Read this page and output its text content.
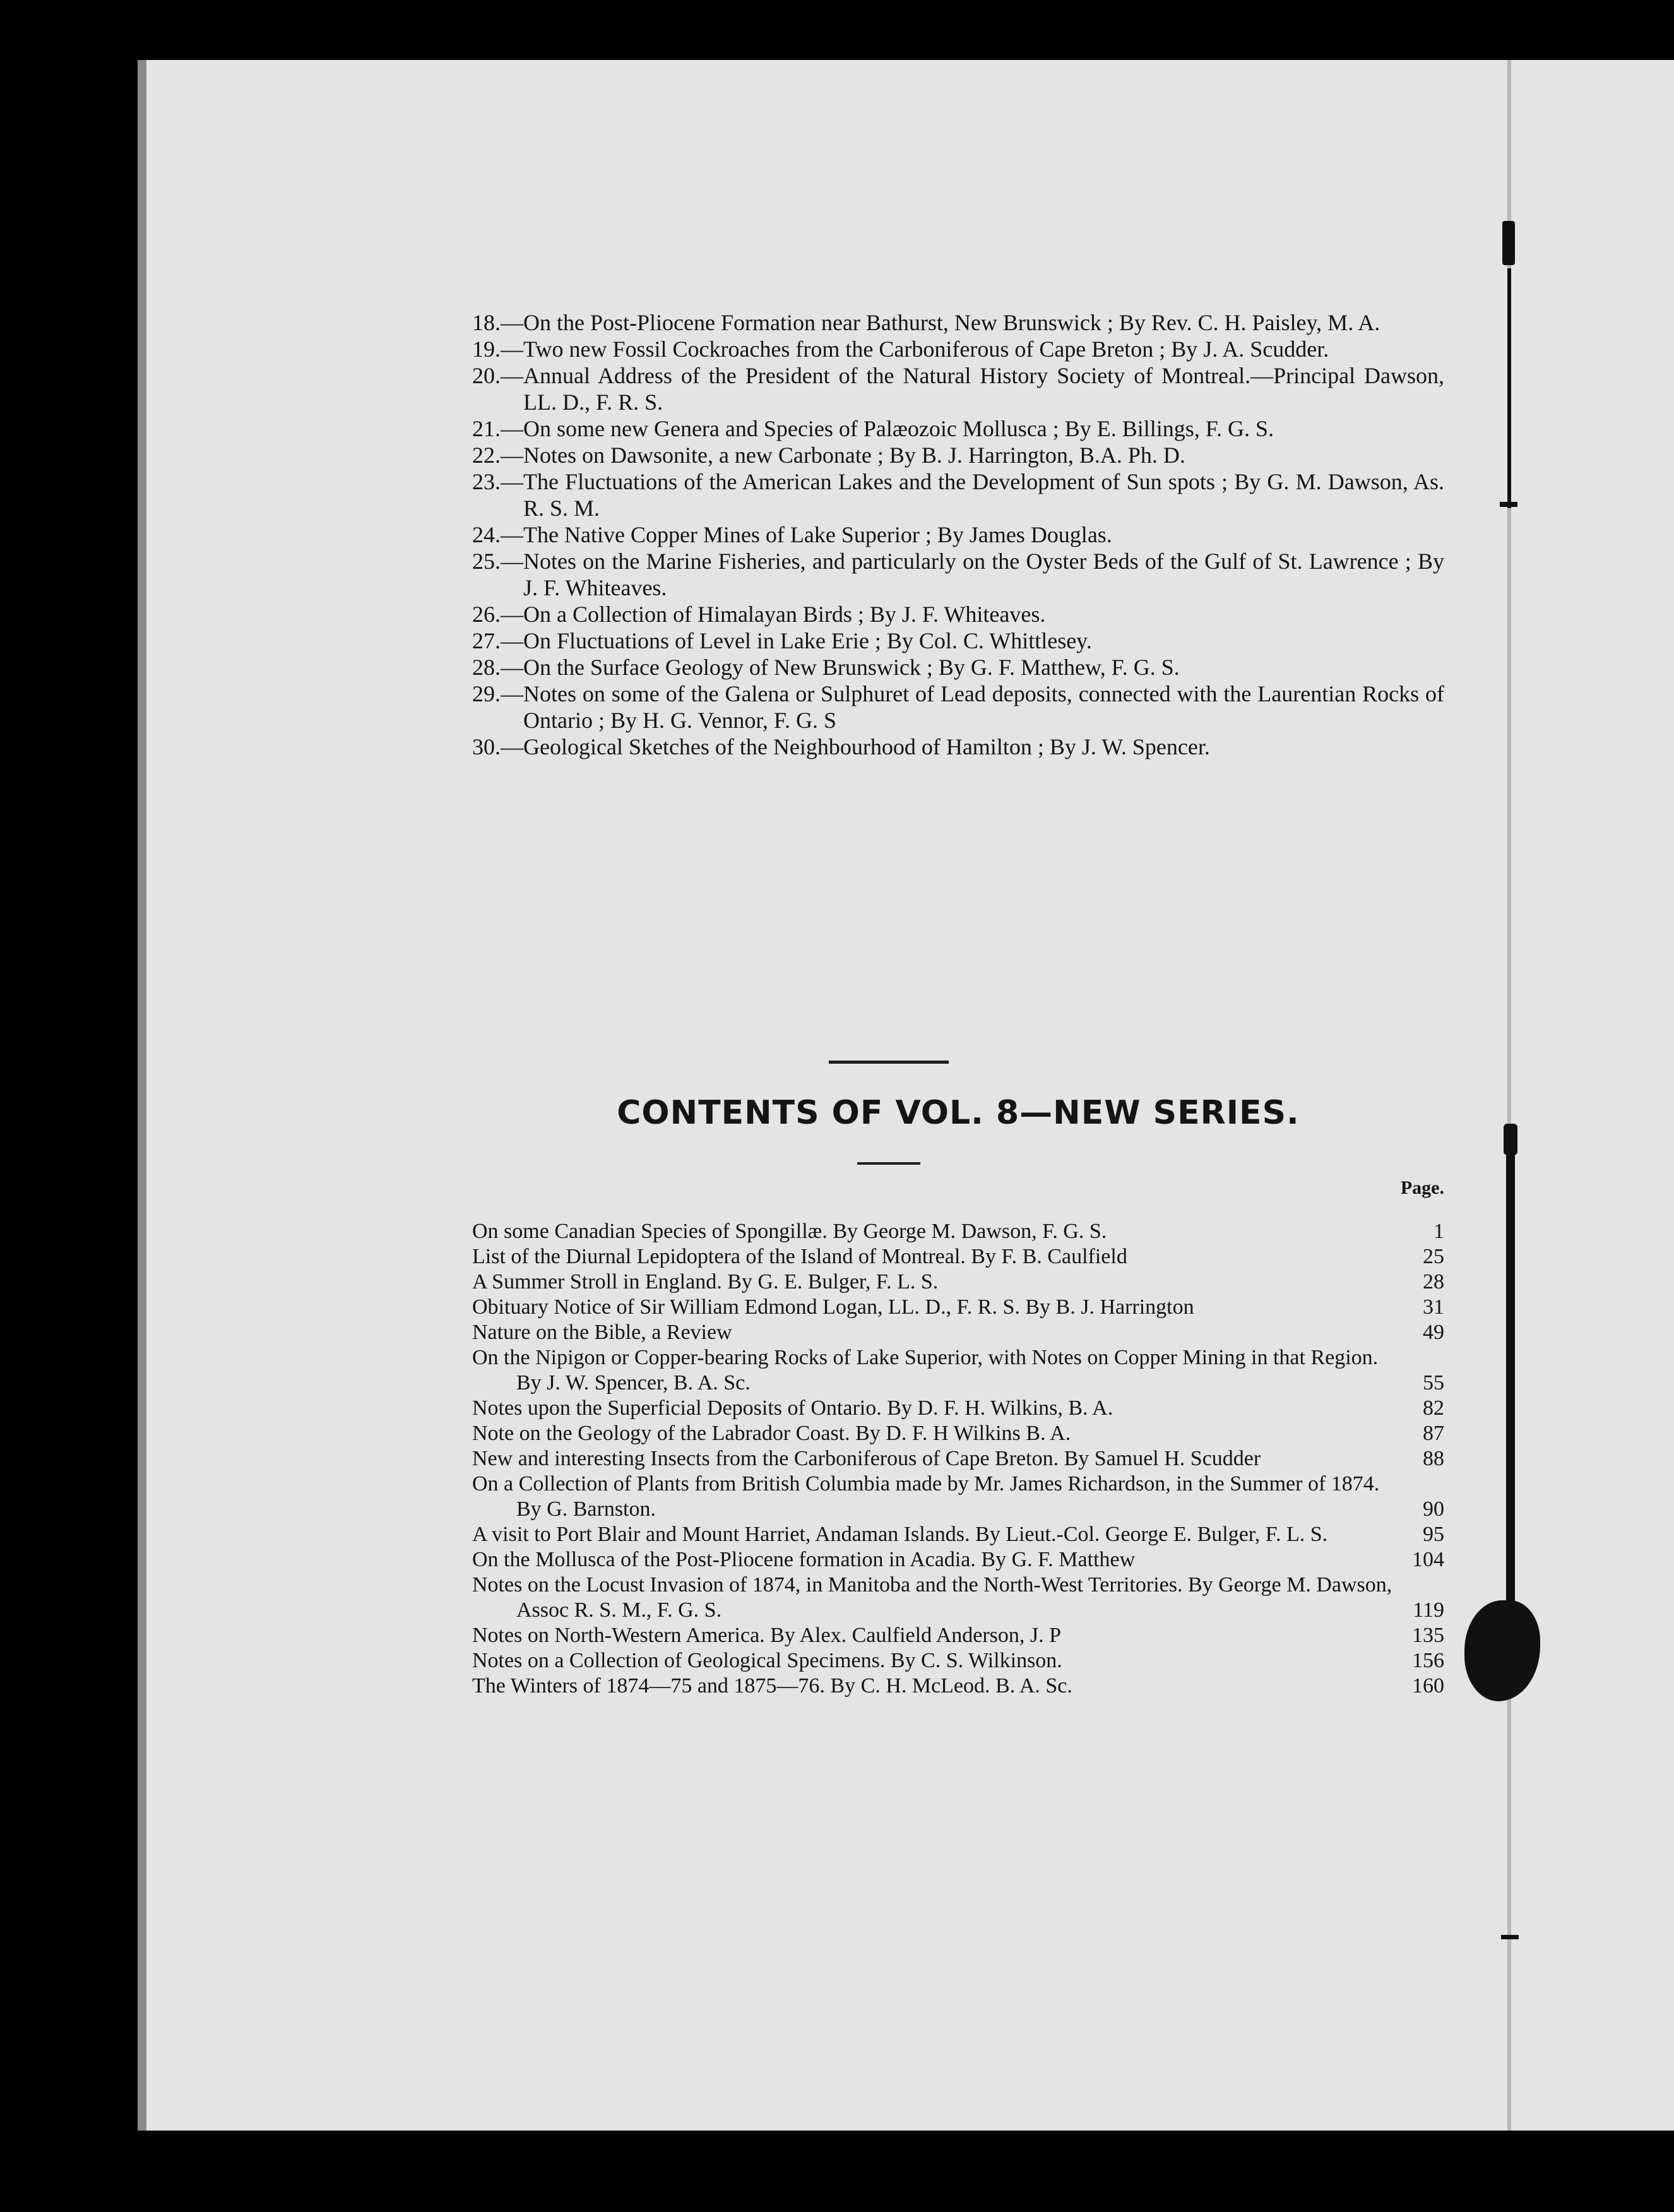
18.— On the Post-Pliocene Formation near Bathurst, New Brunswick ; By Rev. C. H. Paisley, M. A.
19.— Two new Fossil Cockroaches from the Carboniferous of Cape Breton ; By J. A. Scudder.
20.— Annual Address of the President of the Natural History Society of Montreal.—Principal Dawson, LL. D., F. R. S.
21.— On some new Genera and Species of Palæozoic Mollusca ; By E. Billings, F. G. S.
22.— Notes on Dawsonite, a new Carbonate ; By B. J. Harrington, B.A. Ph. D.
23.— The Fluctuations of the American Lakes and the Development of Sun spots ; By G. M. Dawson, As. R. S. M.
24.— The Native Copper Mines of Lake Superior ; By James Douglas.
25.— Notes on the Marine Fisheries, and particularly on the Oyster Beds of the Gulf of St. Lawrence ; By J. F. Whiteaves.
26.— On a Collection of Himalayan Birds ; By J. F. Whiteaves.
27.— On Fluctuations of Level in Lake Erie ; By Col. C. Whittlesey.
28.— On the Surface Geology of New Brunswick ; By G. F. Matthew, F. G. S.
29.— Notes on some of the Galena or Sulphuret of Lead deposits, connected with the Laurentian Rocks of Ontario ; By H. G. Vennor, F. G. S
30.— Geological Sketches of the Neighbourhood of Hamilton ; By J. W. Spencer.
CONTENTS OF VOL. 8—NEW SERIES.
Page.
On some Canadian Species of Spongillæ. By George M. Dawson, F. G. S.	1
List of the Diurnal Lepidoptera of the Island of Montreal. By F. B. Caulfield	25
A Summer Stroll in England. By G. E. Bulger, F. L. S.	28
Obituary Notice of Sir William Edmond Logan, LL. D., F. R. S. By B. J. Harrington	31
Nature on the Bible, a Review	49
On the Nipigon or Copper-bearing Rocks of Lake Superior, with Notes on Copper Mining in that Region. By J. W. Spencer, B. A. Sc.	55
Notes upon the Superficial Deposits of Ontario. By D. F. H. Wilkins, B. A.	82
Note on the Geology of the Labrador Coast. By D. F. H Wilkins B. A.	87
New and interesting Insects from the Carboniferous of Cape Breton. By Samuel H. Scudder	88
On a Collection of Plants from British Columbia made by Mr. James Richardson, in the Summer of 1874. By G. Barnston.	90
A visit to Port Blair and Mount Harriet, Andaman Islands. By Lieut.-Col. George E. Bulger, F. L. S.	95
On the Mollusca of the Post-Pliocene formation in Acadia. By G. F. Matthew	104
Notes on the Locust Invasion of 1874, in Manitoba and the North-West Territories. By George M. Dawson, Assoc R. S. M., F. G. S.	119
Notes on North-Western America. By Alex. Caulfield Anderson, J. P	135
Notes on a Collection of Geological Specimens. By C. S. Wilkinson.	156
The Winters of 1874—75 and 1875—76. By C. H. McLeod. B. A. Sc.	160
